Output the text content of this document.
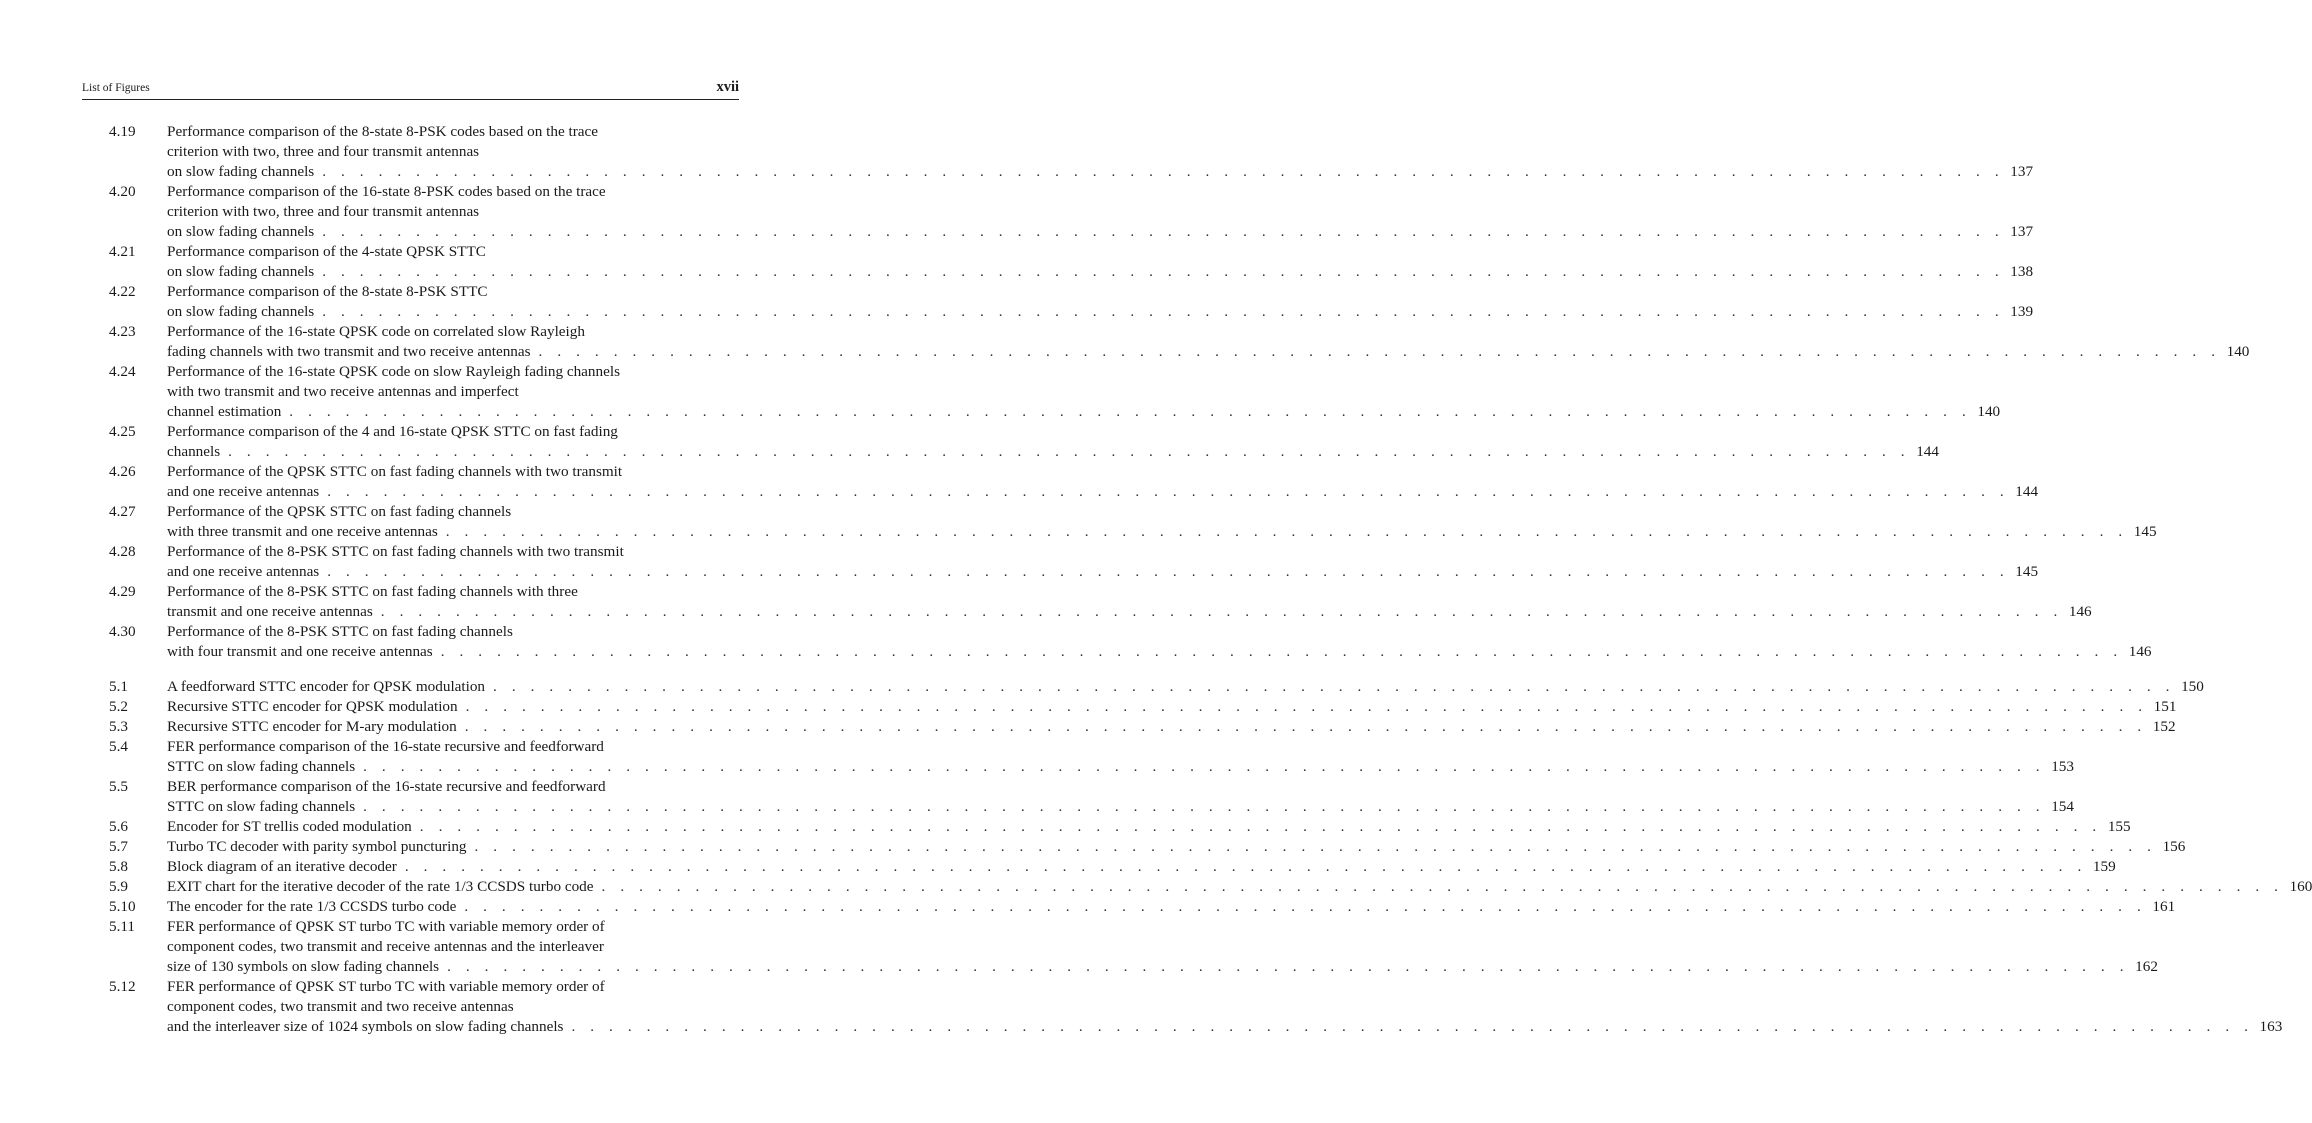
List of Figures	xvii
4.19 Performance comparison of the 8-state 8-PSK codes based on the trace
criterion with two, three and four transmit antennas
on slow fading channels . . . . . . . . . . . . . . . . . . . . . . . . . . . . . . . . . . . . . . . . . . . . . . . . . . . . . . . . . . . . . . . . . . . . . . . . . . . . . . . . . . . . . . . . . . 137
4.20 Performance comparison of the 16-state 8-PSK codes based on the trace
criterion with two, three and four transmit antennas
on slow fading channels . . . . . . . . . . . . . . . . . . . . . . . . . . . . . . . . . . . . . . . . . . . . . . . . . . . . . . . . . . . . . . . . . . . . . . . . . . . . . . . . . . . . . . . . . . 137
4.21 Performance comparison of the 4-state QPSK STTC
on slow fading channels . . . . . . . . . . . . . . . . . . . . . . . . . . . . . . . . . . . . . . . . . . . . . . . . . . . . . . . . . . . . . . . . . . . . . . . . . . . . . . . . . . . . . . . . . . 138
4.22 Performance comparison of the 8-state 8-PSK STTC
on slow fading channels . . . . . . . . . . . . . . . . . . . . . . . . . . . . . . . . . . . . . . . . . . . . . . . . . . . . . . . . . . . . . . . . . . . . . . . . . . . . . . . . . . . . . . . . . . 139
4.23 Performance of the 16-state QPSK code on correlated slow Rayleigh
fading channels with two transmit and two receive antennas . . . . . . . . . . . . . . . . . . . . . . . . . . . . . . . . . . . . . . . . . . . . . . . . . . . . . . . . . . . . . . . . . . . . . . . . . . . . . . . . . . . . . . . . . . 140
4.24 Performance of the 16-state QPSK code on slow Rayleigh fading channels
with two transmit and two receive antennas and imperfect
channel estimation . . . . . . . . . . . . . . . . . . . . . . . . . . . . . . . . . . . . . . . . . . . . . . . . . . . . . . . . . . . . . . . . . . . . . . . . . . . . . . . . . . . . . . . . . . 140
4.25 Performance comparison of the 4 and 16-state QPSK STTC on fast fading
channels . . . . . . . . . . . . . . . . . . . . . . . . . . . . . . . . . . . . . . . . . . . . . . . . . . . . . . . . . . . . . . . . . . . . . . . . . . . . . . . . . . . . . . . . . . 144
4.26 Performance of the QPSK STTC on fast fading channels with two transmit
and one receive antennas . . . . . . . . . . . . . . . . . . . . . . . . . . . . . . . . . . . . . . . . . . . . . . . . . . . . . . . . . . . . . . . . . . . . . . . . . . . . . . . . . . . . . . . . . . 144
4.27 Performance of the QPSK STTC on fast fading channels
with three transmit and one receive antennas . . . . . . . . . . . . . . . . . . . . . . . . . . . . . . . . . . . . . . . . . . . . . . . . . . . . . . . . . . . . . . . . . . . . . . . . . . . . . . . . . . . . . . . . . . 145
4.28 Performance of the 8-PSK STTC on fast fading channels with two transmit
and one receive antennas . . . . . . . . . . . . . . . . . . . . . . . . . . . . . . . . . . . . . . . . . . . . . . . . . . . . . . . . . . . . . . . . . . . . . . . . . . . . . . . . . . . . . . . . . . 145
4.29 Performance of the 8-PSK STTC on fast fading channels with three
transmit and one receive antennas . . . . . . . . . . . . . . . . . . . . . . . . . . . . . . . . . . . . . . . . . . . . . . . . . . . . . . . . . . . . . . . . . . . . . . . . . . . . . . . . . . . . . . . . . . 146
4.30 Performance of the 8-PSK STTC on fast fading channels
with four transmit and one receive antennas . . . . . . . . . . . . . . . . . . . . . . . . . . . . . . . . . . . . . . . . . . . . . . . . . . . . . . . . . . . . . . . . . . . . . . . . . . . . . . . . . . . . . . . . . . 146
5.1	A feedforward STTC encoder for QPSK modulation . . . . . . . . . . . . . . . . . . . . . . . . . . . . . . . . . . . . . . . . . . . . . . . . . . . . . . . . . . . . . . . . . . . . . . . . . . . . . . . . . . . . . . . . . . 150
5.2	Recursive STTC encoder for QPSK modulation . . . . . . . . . . . . . . . . . . . . . . . . . . . . . . . . . . . . . . . . . . . . . . . . . . . . . . . . . . . . . . . . . . . . . . . . . . . . . . . . . . . . . . . . . . 151
5.3	Recursive STTC encoder for M-ary modulation . . . . . . . . . . . . . . . . . . . . . . . . . . . . . . . . . . . . . . . . . . . . . . . . . . . . . . . . . . . . . . . . . . . . . . . . . . . . . . . . . . . . . . . . . . 152
5.4	FER performance comparison of the 16-state recursive and feedforward
STTC on slow fading channels . . . . . . . . . . . . . . . . . . . . . . . . . . . . . . . . . . . . . . . . . . . . . . . . . . . . . . . . . . . . . . . . . . . . . . . . . . . . . . . . . . . . . . . . . . 153
5.5	BER performance comparison of the 16-state recursive and feedforward
STTC on slow fading channels . . . . . . . . . . . . . . . . . . . . . . . . . . . . . . . . . . . . . . . . . . . . . . . . . . . . . . . . . . . . . . . . . . . . . . . . . . . . . . . . . . . . . . . . . . 154
5.6	Encoder for ST trellis coded modulation . . . . . . . . . . . . . . . . . . . . . . . . . . . . . . . . . . . . . . . . . . . . . . . . . . . . . . . . . . . . . . . . . . . . . . . . . . . . . . . . . . . . . . . . . . 155
5.7	Turbo TC decoder with parity symbol puncturing . . . . . . . . . . . . . . . . . . . . . . . . . . . . . . . . . . . . . . . . . . . . . . . . . . . . . . . . . . . . . . . . . . . . . . . . . . . . . . . . . . . . . . . . . . 156
5.8	Block diagram of an iterative decoder . . . . . . . . . . . . . . . . . . . . . . . . . . . . . . . . . . . . . . . . . . . . . . . . . . . . . . . . . . . . . . . . . . . . . . . . . . . . . . . . . . . . . . . . . . 159
5.9	EXIT chart for the iterative decoder of the rate 1/3 CCSDS turbo code . . . . . . . . . . . . . . . . . . . . . . . . . . . . . . . . . . . . . . . . . . . . . . . . . . . . . . . . . . . . . . . . . . . . . . . . . . . . . . . . . . . . . . . . . . 160
5.10 The encoder for the rate 1/3 CCSDS turbo code . . . . . . . . . . . . . . . . . . . . . . . . . . . . . . . . . . . . . . . . . . . . . . . . . . . . . . . . . . . . . . . . . . . . . . . . . . . . . . . . . . . . . . . . . . 161
5.11 FER performance of QPSK ST turbo TC with variable memory order of
component codes, two transmit and receive antennas and the interleaver
size of 130 symbols on slow fading channels . . . . . . . . . . . . . . . . . . . . . . . . . . . . . . . . . . . . . . . . . . . . . . . . . . . . . . . . . . . . . . . . . . . . . . . . . . . . . . . . . . . . . . . . . . 162
5.12 FER performance of QPSK ST turbo TC with variable memory order of
component codes, two transmit and two receive antennas
and the interleaver size of 1024 symbols on slow fading channels . . . . . . . . . . . . . . . . . . . . . . . . . . . . . . . . . . . . . . . . . . . . . . . . . . . . . . . . . . . . . . . . . . . . . . . . . . . . . . . . . . . . . . . . . . 163
